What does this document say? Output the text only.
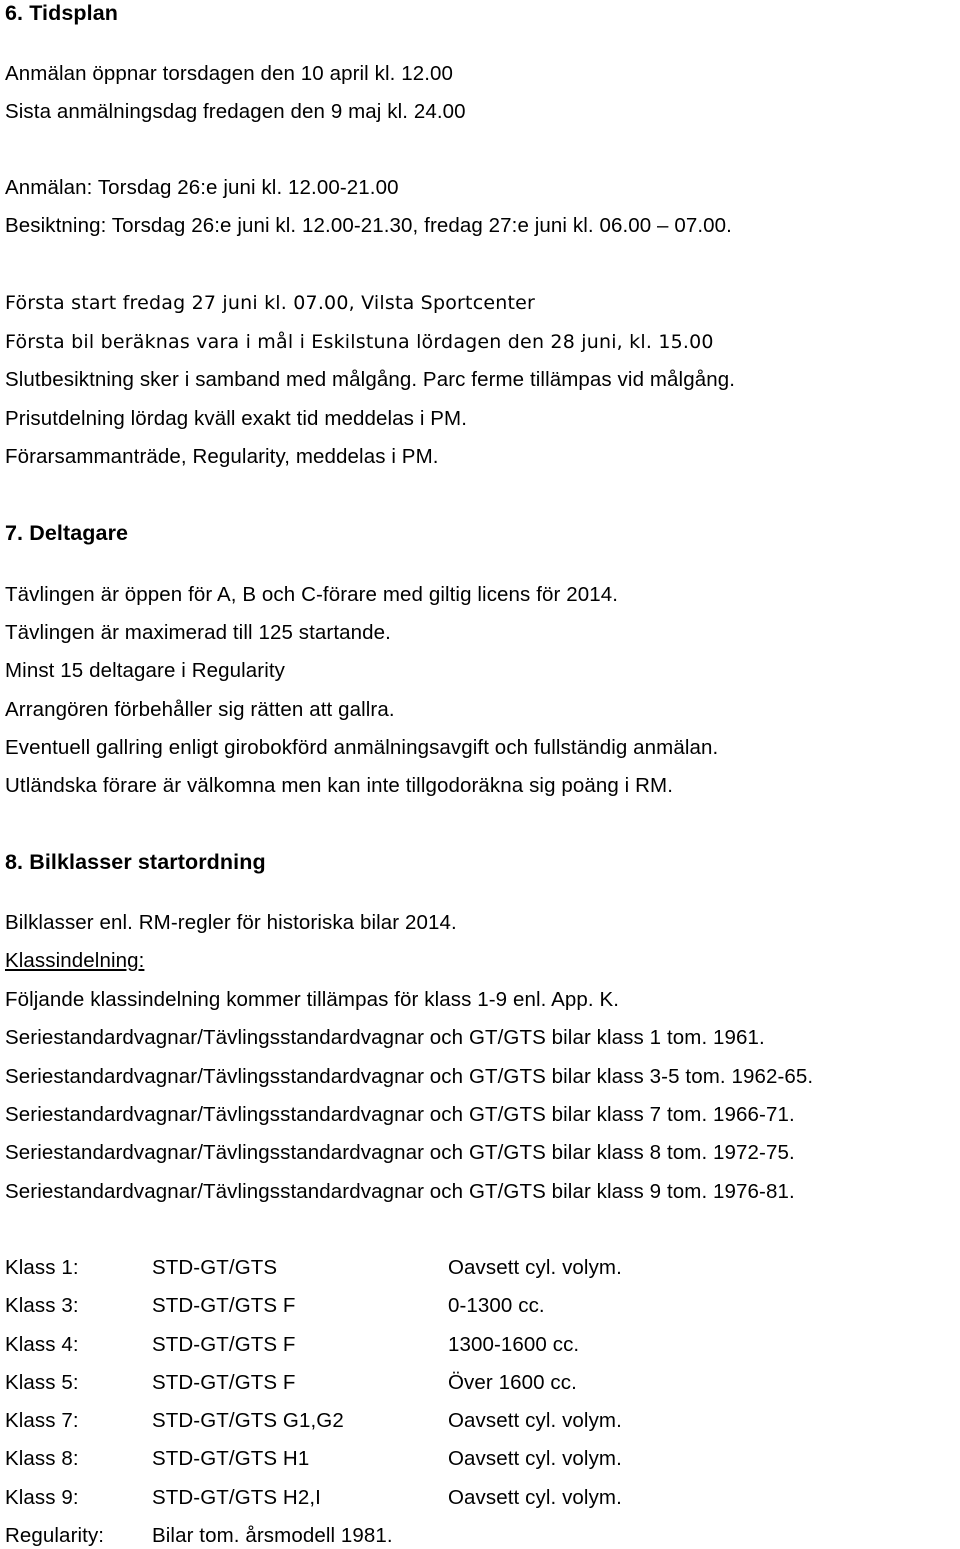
6. Tidsplan
Anmälan öppnar torsdagen den 10 april kl. 12.00
Sista anmälningsdag fredagen den 9 maj kl. 24.00
Anmälan: Torsdag 26:e juni kl. 12.00-21.00
Besiktning: Torsdag 26:e juni kl. 12.00-21.30, fredag 27:e juni kl. 06.00 – 07.00.
Första start fredag 27 juni kl. 07.00, Vilsta Sportcenter
Första bil beräknas vara i mål i Eskilstuna lördagen den 28 juni, kl. 15.00
Slutbesiktning sker i samband med målgång. Parc ferme tillämpas vid målgång.
Prisutdelning lördag kväll exakt tid meddelas i PM.
Förarsammanträde, Regularity, meddelas i PM.
7. Deltagare
Tävlingen är öppen för A, B och C-förare med giltig licens för 2014.
Tävlingen är maximerad till 125 startande.
Minst 15 deltagare i Regularity
Arrangören förbehåller sig rätten att gallra.
Eventuell gallring enligt girobokförd anmälningsavgift och fullständig anmälan.
Utländska förare är välkomna men kan inte tillgodoräkna sig poäng i RM.
8. Bilklasser startordning
Bilklasser enl. RM-regler för historiska bilar 2014.
Klassindelning:
Följande klassindelning kommer tillämpas för klass 1-9 enl. App. K.
Seriestandardvagnar/Tävlingsstandardvagnar och GT/GTS bilar klass 1 tom. 1961.
Seriestandardvagnar/Tävlingsstandardvagnar och GT/GTS bilar klass 3-5 tom. 1962-65.
Seriestandardvagnar/Tävlingsstandardvagnar och GT/GTS bilar klass 7 tom. 1966-71.
Seriestandardvagnar/Tävlingsstandardvagnar och GT/GTS bilar klass 8 tom. 1972-75.
Seriestandardvagnar/Tävlingsstandardvagnar och GT/GTS bilar klass 9 tom. 1976-81.
Klass 1:	STD-GT/GTS	Oavsett cyl. volym.
Klass 3:	STD-GT/GTS F	0-1300 cc.
Klass 4:	STD-GT/GTS F	1300-1600 cc.
Klass 5:	STD-GT/GTS F	Över 1600 cc.
Klass 7:	STD-GT/GTS G1,G2	Oavsett cyl. volym.
Klass 8:	STD-GT/GTS H1	Oavsett cyl. volym.
Klass 9:	STD-GT/GTS H2,I	Oavsett cyl. volym.
Regularity: Bilar tom. årsmodell 1981.
